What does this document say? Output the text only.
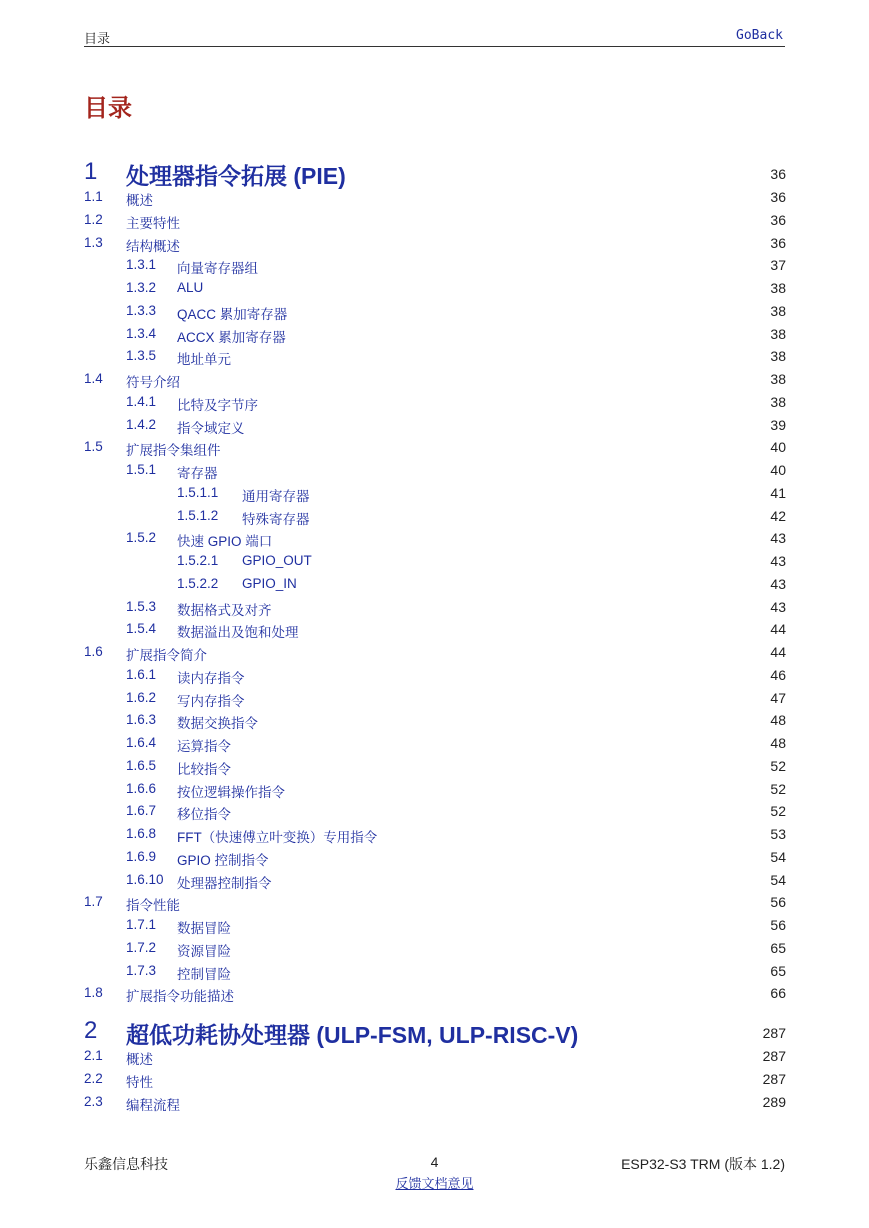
目录	GoBack
目录
1 处理器指令拓展 (PIE)	36
1.1 概述	36
1.2 主要特性	36
1.3 结构概述	36
1.3.1 向量寄存器组	37
1.3.2 ALU	38
1.3.3 QACC 累加寄存器	38
1.3.4 ACCX 累加寄存器	38
1.3.5 地址单元	38
1.4 符号介绍	38
1.4.1 比特及字节序	38
1.4.2 指令域定义	39
1.5 扩展指令集组件	40
1.5.1 寄存器	40
1.5.1.1 通用寄存器	41
1.5.1.2 特殊寄存器	42
1.5.2 快速 GPIO 端口	43
1.5.2.1 GPIO_OUT	43
1.5.2.2 GPIO_IN	43
1.5.3 数据格式及对齐	43
1.5.4 数据溢出及饱和处理	44
1.6 扩展指令简介	44
1.6.1 读内存指令	46
1.6.2 写内存指令	47
1.6.3 数据交换指令	48
1.6.4 运算指令	48
1.6.5 比较指令	52
1.6.6 按位逻辑操作指令	52
1.6.7 移位指令	52
1.6.8 FFT（快速傅立叶变换）专用指令	53
1.6.9 GPIO 控制指令	54
1.6.10 处理器控制指令	54
1.7 指令性能	56
1.7.1 数据冒险	56
1.7.2 资源冒险	65
1.7.3 控制冒险	65
1.8 扩展指令功能描述	66
2 超低功耗协处理器 (ULP-FSM, ULP-RISC-V)	287
2.1 概述	287
2.2 特性	287
2.3 编程流程	289
乐鑫信息科技	4	ESP32-S3 TRM (版本 1.2)
反馈文档意见
